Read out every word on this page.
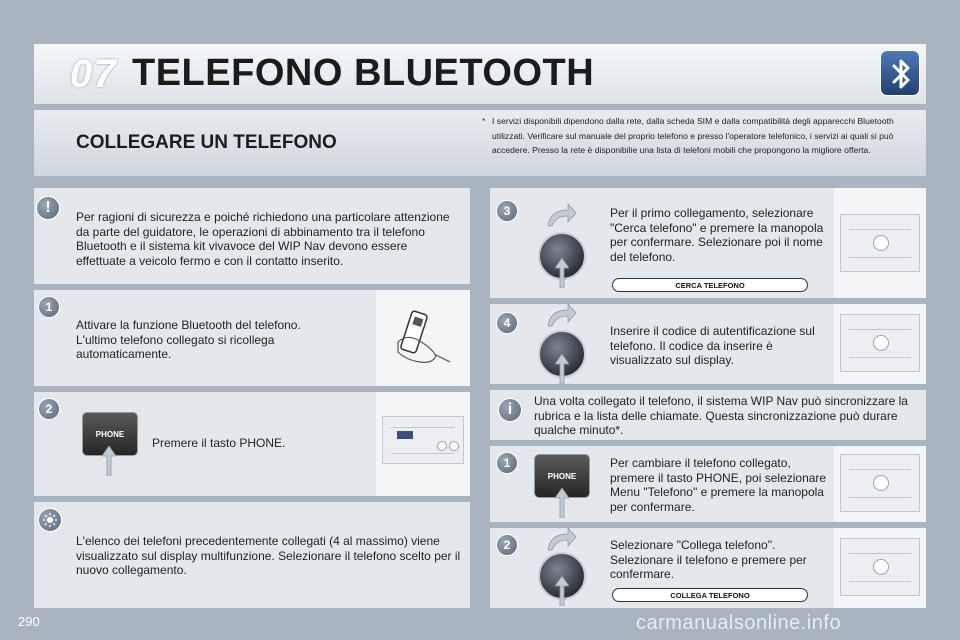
07 TELEFONO BLUETOOTH
COLLEGARE UN TELEFONO
* I servizi disponibili dipendono dalla rete, dalla scheda SIM e dalla compatibilità degli apparecchi Bluetooth utilizzati. Verificare sul manuale del proprio telefono e presso l'operatore telefonico, i servizi ai quali si può accedere. Presso la rete è disponibilie una lista di telefoni mobili che propongono la migliore offerta.
!
Per ragioni di sicurezza e poiché richiedono una particolare attenzione da parte del guidatore, le operazioni di abbinamento tra il telefono Bluetooth e il sistema kit vivavoce del WIP Nav devono essere effettuate a veicolo fermo e con il contatto inserito.
1
Attivare la funzione Bluetooth del telefono. L'ultimo telefono collegato si ricollega automaticamente.
2
PHONE
Premere il tasto PHONE.
L'elenco dei telefoni precedentemente collegati (4 al massimo) viene visualizzato sul display multifunzione. Selezionare il telefono scelto per il nuovo collegamento.
3	Per il primo collegamento, selezionare "Cerca telefono" e premere la manopola per confermare. Selezionare poi il nome del telefono.
CERCA TELEFONO
4
Inserire il codice di autentificazione sul telefono. Il codice da inserire è visualizzato sul display.
i	Una volta collegato il telefono, il sistema WIP Nav può sincronizzare la rubrica e la lista delle chiamate. Questa sincronizzazione può durare qualche minuto*.
1
PHONE
Per cambiare il telefono collegato, premere il tasto PHONE, poi selezionare Menu "Telefono" e premere la manopola per confermare.
2	Selezionare "Collega telefono". Selezionare il telefono e premere per confermare.
COLLEGA TELEFONO
290	carmanualsonline.info
